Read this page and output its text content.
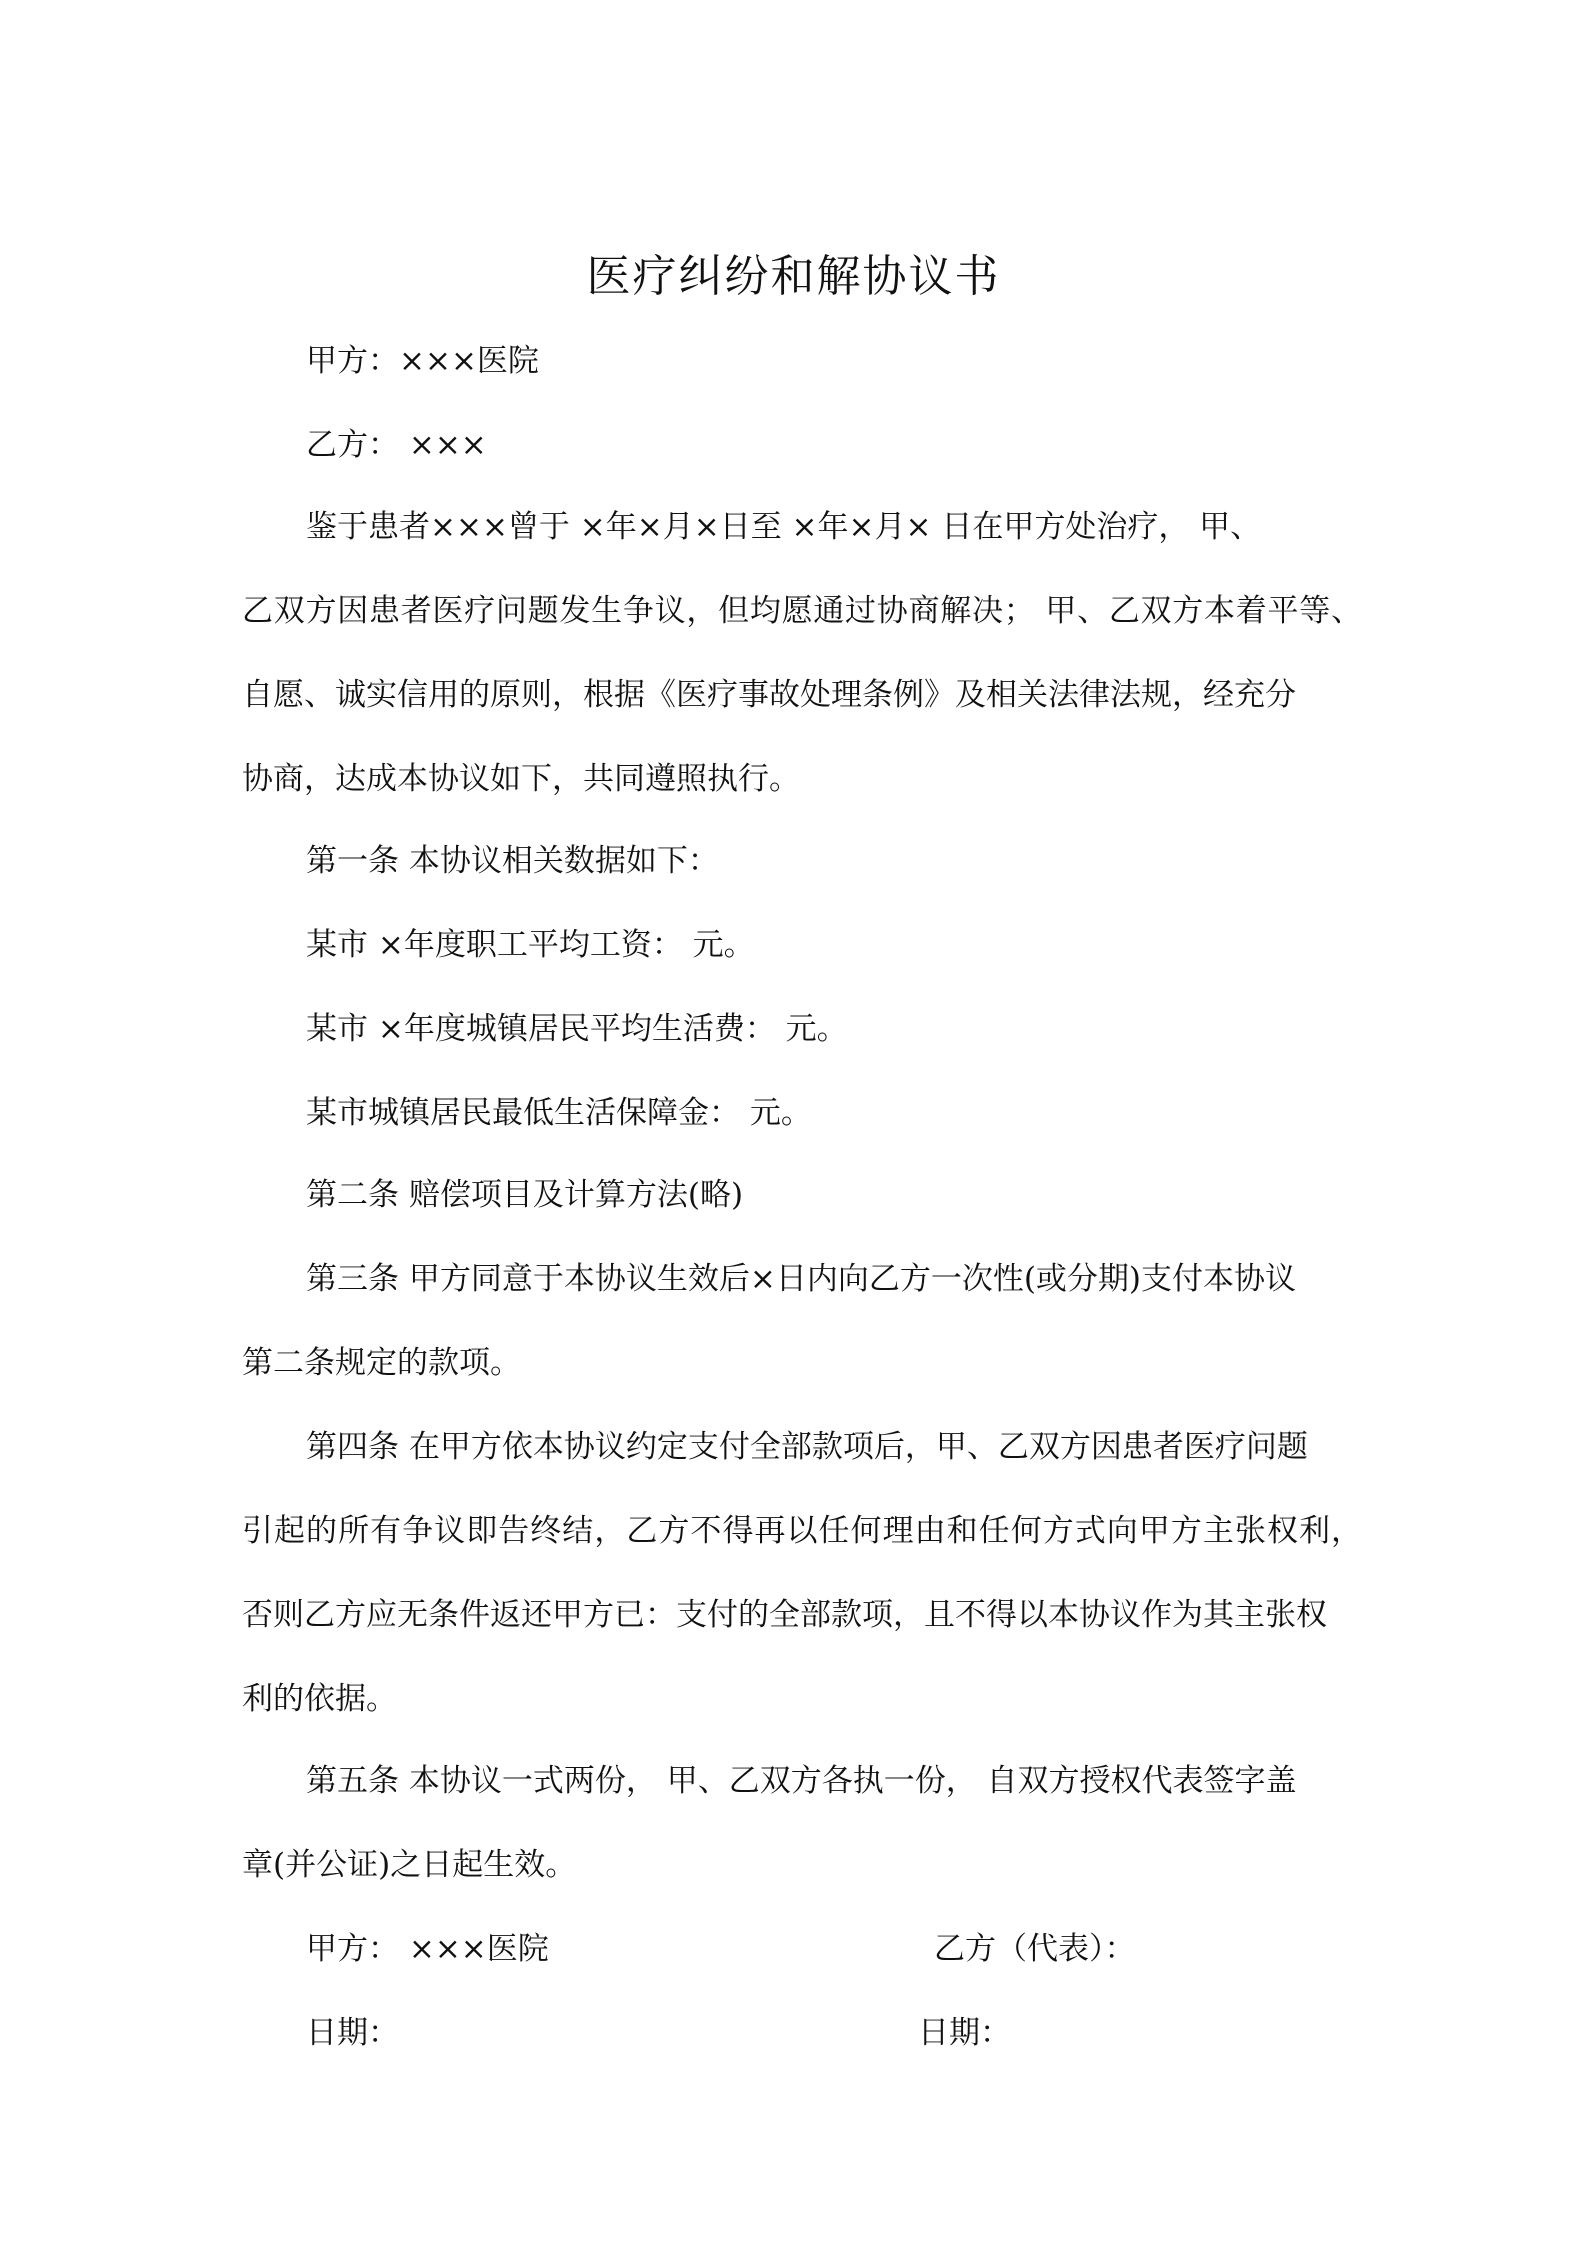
医疗纠纷和解协议书
甲方：×××医院
乙方： ×××
鉴于患者×××曾于 ×年×月×日至 ×年×月× 日在甲方处治疗， 甲、
乙双方因患者医疗问题发生争议，但均愿通过协商解决； 甲、乙双方本着平等、
自愿、诚实信用的原则，根据《医疗事故处理条例》及相关法律法规，经充分
协商，达成本协议如下，共同遵照执行。
第一条 本协议相关数据如下：
某市 ×年度职工平均工资： 元。
某市 ×年度城镇居民平均生活费： 元。
某市城镇居民最低生活保障金： 元。
第二条 赔偿项目及计算方法(略)
第三条 甲方同意于本协议生效后×日内向乙方一次性(或分期)支付本协议
第二条规定的款项。
第四条 在甲方依本协议约定支付全部款项后，甲、乙双方因患者医疗问题
引起的所有争议即告终结，乙方不得再以任何理由和任何方式向甲方主张权利，
否则乙方应无条件返还甲方已：支付的全部款项，且不得以本协议作为其主张权
利的依据。
第五条 本协议一式两份， 甲、乙双方各执一份， 自双方授权代表签字盖
章(并公证)之日起生效。
甲方： ×××医院	乙方（代表）：
日期：	日期：
